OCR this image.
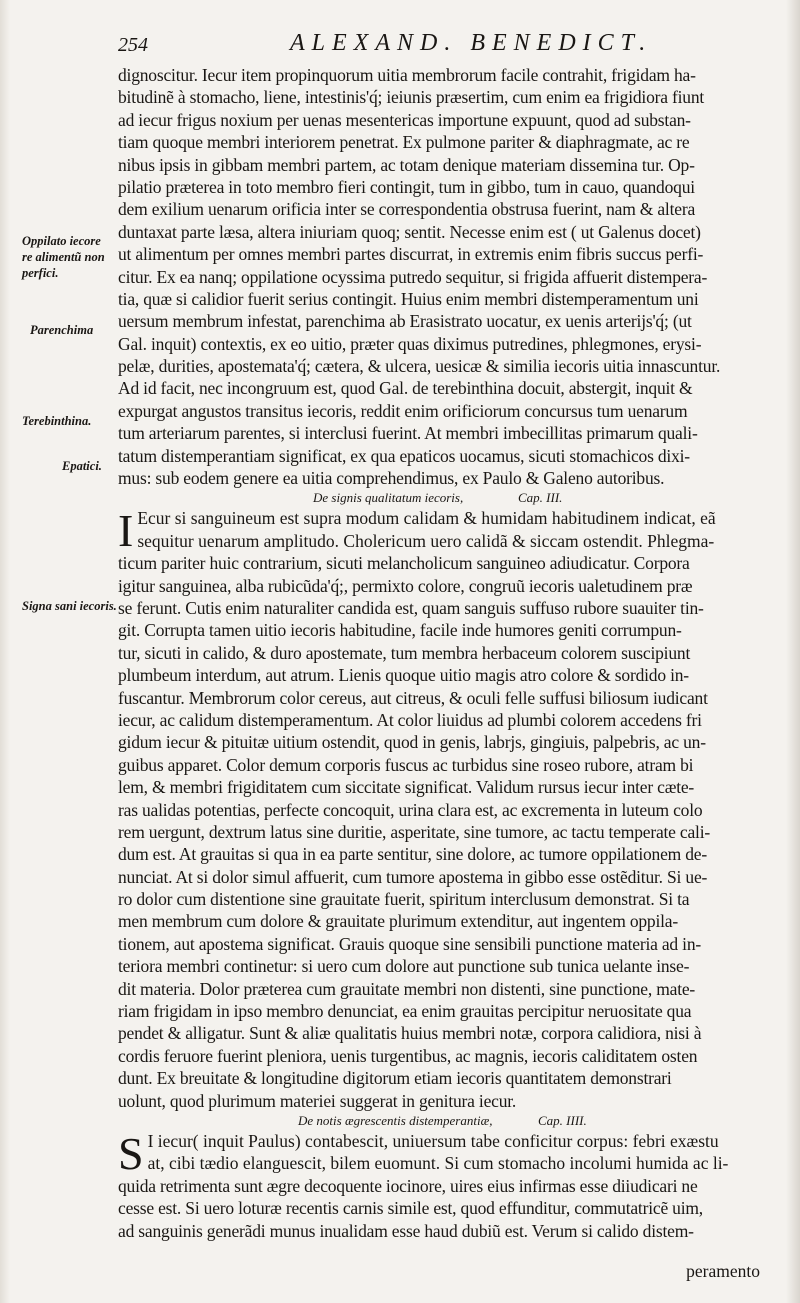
254	ALEXAND. BENEDICT.
Oppilato iecore
re alimentũ non
perfici.
Parenchima
Terebinthina.
Epatici.
Signa sani iecoris.
dignoscitur. Iecur item propinquorum uitia membrorum facile contrahit, frigidam ha-
bitudinẽ à stomacho, liene, intestinis'q́; ieiunis præsertim, cum enim ea frigidiora fiunt
ad iecur frigus noxium per uenas mesentericas importune expuunt, quod ad substan-
tiam quoque membri interiorem penetrat. Ex pulmone pariter & diaphragmate, ac re
nibus ipsis in gibbam membri partem, ac totam denique materiam dissemina tur. Op-
pilatio præterea in toto membro fieri contingit, tum in gibbo, tum in cauo, quandoqui
dem exilium uenarum orificia inter se correspondentia obstrusa fuerint, nam & altera
duntaxat parte læsa, altera iniuriam quoq; sentit. Necesse enim est ( ut Galenus docet)
ut alimentum per omnes membri partes discurrat, in extremis enim fibris succus perfi-
citur. Ex ea nanq; oppilatione ocyssima putredo sequitur, si frigida affuerit distempera-
tia, quæ si calidior fuerit serius contingit. Huius enim membri distemperamentum uni
uersum membrum infestat, parenchima ab Erasistrato uocatur, ex uenis arterijs'q́; (ut
Gal. inquit) contextis, ex eo uitio, præter quas diximus putredines, phlegmones, erysi-
pelæ, durities, apostemata'q́; cætera, & ulcera, uesicæ & similia iecoris uitia innascuntur.
Ad id facit, nec incongruum est, quod Gal. de terebinthina docuit, abstergit, inquit &
expurgat angustos transitus iecoris, reddit enim orificiorum concursus tum uenarum
tum arteriarum parentes, si interclusi fuerint. At membri imbecillitas primarum quali-
tatum distemperantiam significat, ex qua epaticos uocamus, sicuti stomachicos dixi-
mus: sub eodem genere ea uitia comprehendimus, ex Paulo & Galeno autoribus.
De signis qualitatum iecoris,	Cap. III.
I Ecur si sanguineum est supra modum calidam & humidam habitudinem indicat, eã
sequitur uenarum amplitudo. Cholericum uero calidã & siccam ostendit. Phlegma-
ticum pariter huic contrarium, sicuti melancholicum sanguineo adiudicatur. Corpora
igitur sanguinea, alba rubicũda'q́;, permixto colore, congruũ iecoris ualetudinem præ
se ferunt. Cutis enim naturaliter candida est, quam sanguis suffuso rubore suauiter tin-
git. Corrupta tamen uitio iecoris habitudine, facile inde humores geniti corrumpun-
tur, sicuti in calido, & duro apostemate, tum membra herbaceum colorem suscipiunt
plumbeum interdum, aut atrum. Lienis quoque uitio magis atro colore & sordido in-
fuscantur. Membrorum color cereus, aut citreus, & oculi felle suffusi biliosum iudicant
iecur, ac calidum distemperamentum. At color liuidus ad plumbi colorem accedens fri
gidum iecur & pituitæ uitium ostendit, quod in genis, labrjs, gingiuis, palpebris, ac un-
guibus apparet. Color demum corporis fuscus ac turbidus sine roseo rubore, atram bi
lem, & membri frigiditatem cum siccitate significat. Validum rursus iecur inter cæte-
ras ualidas potentias, perfecte concoquit, urina clara est, ac excrementa in luteum colo
rem uergunt, dextrum latus sine duritie, asperitate, sine tumore, ac tactu temperate cali-
dum est. At grauitas si qua in ea parte sentitur, sine dolore, ac tumore oppilationem de-
nunciat. At si dolor simul affuerit, cum tumore apostema in gibbo esse ostẽditur. Si ue-
ro dolor cum distentione sine grauitate fuerit, spiritum interclusum demonstrat. Si ta
men membrum cum dolore & grauitate plurimum extenditur, aut ingentem oppila-
tionem, aut apostema significat. Grauis quoque sine sensibili punctione materia ad in-
teriora membri continetur: si uero cum dolore aut punctione sub tunica uelante inse-
dit materia. Dolor præterea cum grauitate membri non distenti, sine punctione, mate-
riam frigidam in ipso membro denunciat, ea enim grauitas percipitur neruositate qua
pendet & alligatur. Sunt & aliæ qualitatis huius membri notæ, corpora calidiora, nisi à
cordis feruore fuerint pleniora, uenis turgentibus, ac magnis, iecoris caliditatem osten
dunt. Ex breuitate & longitudine digitorum etiam iecoris quantitatem demonstrari
uolunt, quod plurimum materiei suggerat in genitura iecur.
De notis ægrescentis distemperantiæ,	Cap. IIII.
S I iecur( inquit Paulus) contabescit, uniuersum tabe conficitur corpus: febri exæstu
at, cibi tædio elanguescit, bilem euomunt. Si cum stomacho incolumi humida ac li-
quida retrimenta sunt ægre decoquente iocinore, uires eius infirmas esse diiudicari ne
cesse est. Si uero loturæ recentis carnis simile est, quod effunditur, commutatricẽ uim,
ad sanguinis generãdi munus inualidam esse haud dubiũ est. Verum si calido distem-
peramento
